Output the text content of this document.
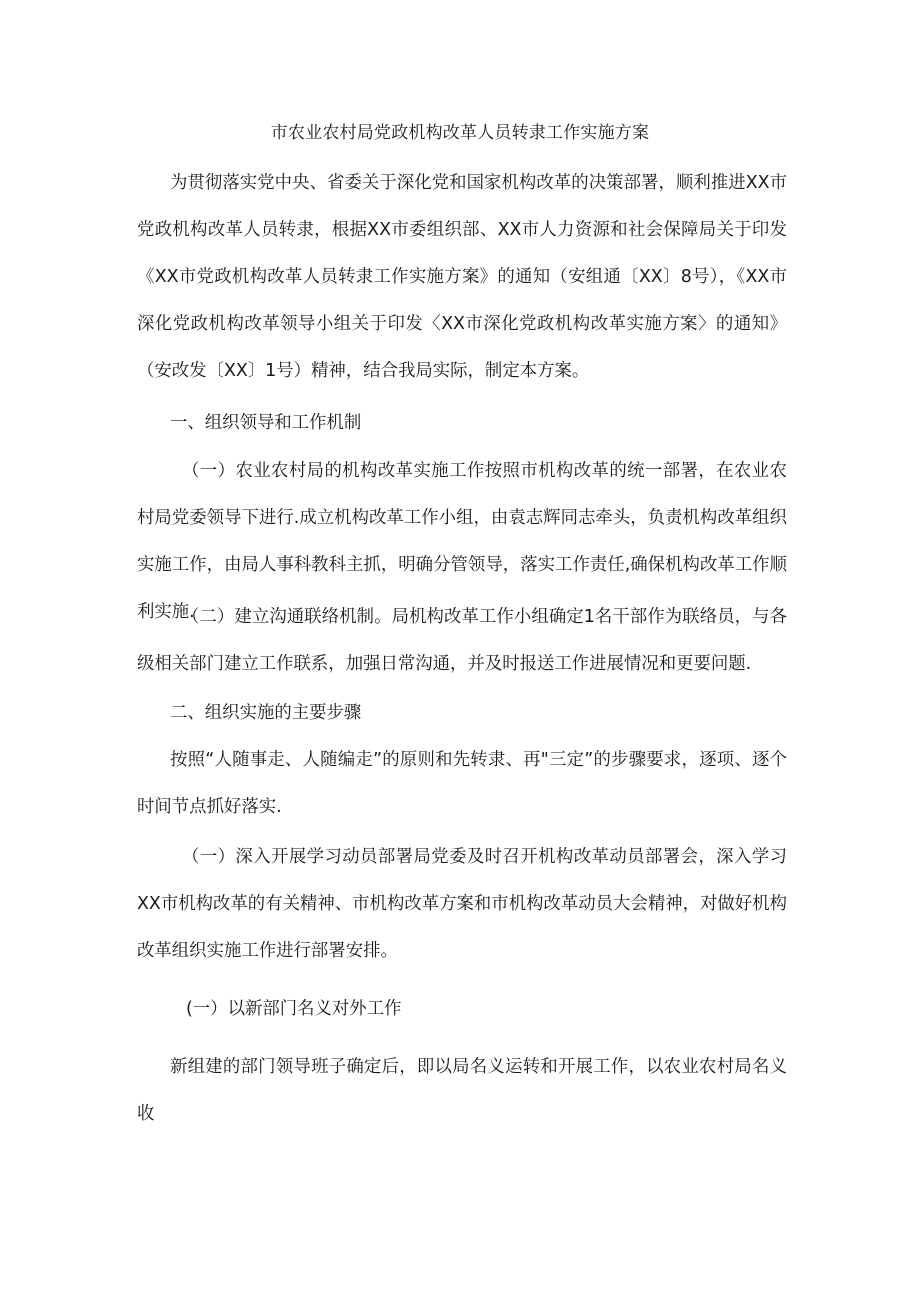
市农业农村局党政机构改革人员转隶工作实施方案

为贯彻落实党中央、省委关于深化党和国家机构改革的决策部署，顺利推进XX市党政机构改革人员转隶，根据XX市委组织部、XX市人力资源和社会保障局关于印发《XX市党政机构改革人员转隶工作实施方案》的通知（安组通〔XX〕8号），《XX市深化党政机构改革领导小组关于印发〈XX市深化党政机构改革实施方案〉的通知》（安改发〔XX〕1号）精神，结合我局实际，制定本方案。

一、组织领导和工作机制

（一）农业农村局的机构改革实施工作按照市机构改革的统一部署，在农业农村局党委领导下进行.成立机构改革工作小组，由袁志辉同志牵头，负责机构改革组织实施工作，由局人事科教科主抓，明确分管领导，落实工作责任,确保机构改革工作顺利实施.

（二）建立沟通联络机制。局机构改革工作小组确定1名干部作为联络员，与各级相关部门建立工作联系，加强日常沟通，并及时报送工作进展情况和更要问题.

二、组织实施的主要步骤

按照“人随事走、人随编走”的原则和先转隶、再"三定”的步骤要求，逐项、逐个时间节点抓好落实.

（一）深入开展学习动员部署局党委及时召开机构改革动员部署会，深入学习XX市机构改革的有关精神、市机构改革方案和市机构改革动员大会精神，对做好机构改革组织实施工作进行部署安排。

(一）以新部门名义对外工作

新组建的部门领导班子确定后，即以局名义运转和开展工作，以农业农村局名义收
